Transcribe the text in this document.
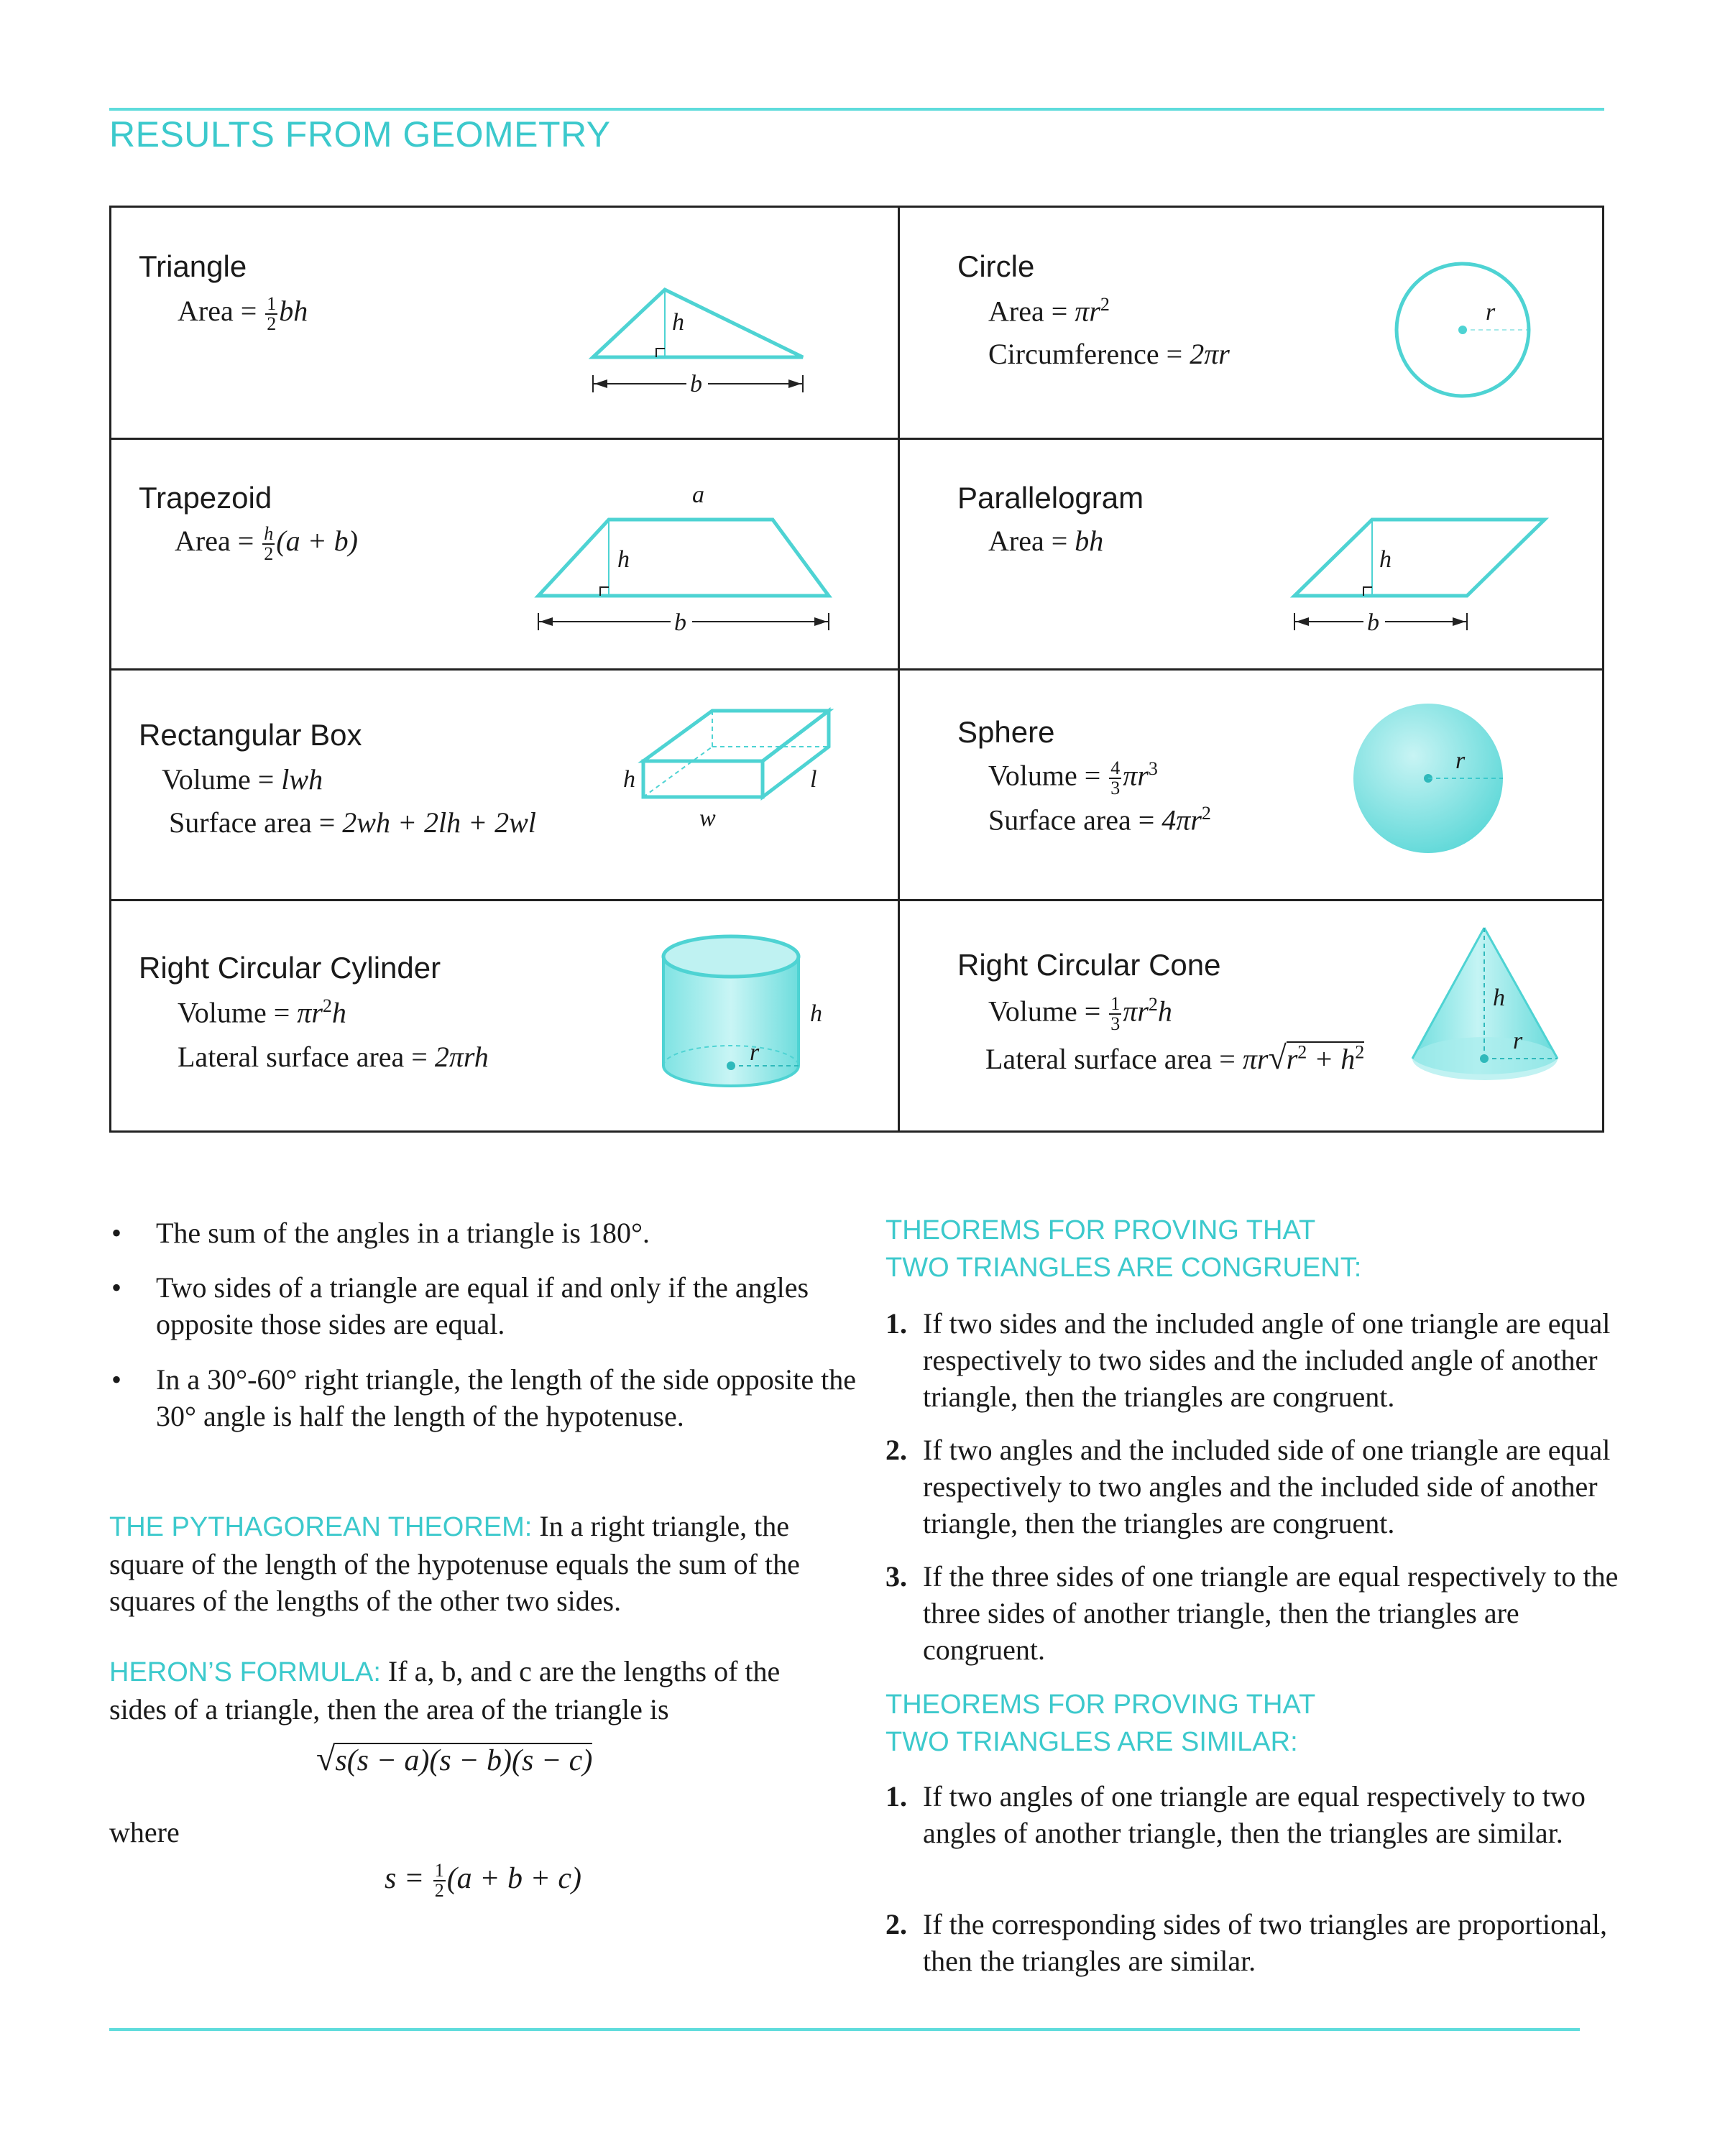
RESULTS FROM GEOMETRY
Triangle
Area = $\frac{1}{2}$ bh	h
b
Circle
Area = $\pi r^2$
Circumference = 2πr
r
Trapezoid
Area = $\frac{h}{2} (a + b)$
a
h
b
Parallelogram
Area = bh
h
b
Rectangular Box
Volume = lwh
Surface area = 2wh + 2lh + 2wl
h
w
l
Sphere
Volume = $\frac{4}{3} \pi r^3$
Surface area = $4\pi r^2$
r
Right Circular Cylinder
Volume = $\pi r^2h$
Lateral surface area = 2πrh	r
h
Right Circular Cone
Volume = $\frac{1}{3} \pi r^2h$
Lateral surface area = $\pi r√r^2 + h^2$
h
r
• The sum of the angles in a triangle is 180°.
• Two sides of a triangle are equal if and only if the angles opposite those sides are equal.
• In a 30°-60° right triangle, the length of the side opposite the 30° angle is half the length of the hypotenuse.
THE PYTHAGOREAN THEOREM: In a right triangle, the square of the length of the hypotenuse equals the sum of the squares of the lengths of the other two sides.
HERON’S FORMULA: If a, b, and c are the lengths of the sides of a triangle, then the area of the triangle is
√s(s − a)(s − b)(s − c)
where
$s = \frac{1}{2} (a + b + c)$
THEOREMS FOR PROVING THAT
TWO TRIANGLES ARE CONGRUENT:
1. If two sides and the included angle of one triangle are equal respectively to two sides and the included angle of another triangle, then the triangles are congruent.
2. If two angles and the included side of one triangle are equal respectively to two angles and the included side of another triangle, then the triangles are congruent.
3. If the three sides of one triangle are equal respectively to the three sides of another triangle, then the triangles are congruent.
THEOREMS FOR PROVING THAT
TWO TRIANGLES ARE SIMILAR:
1. If two angles of one triangle are equal respectively to two angles of another triangle, then the triangles are similar.
2. If the corresponding sides of two triangles are proportional, then the triangles are similar.
